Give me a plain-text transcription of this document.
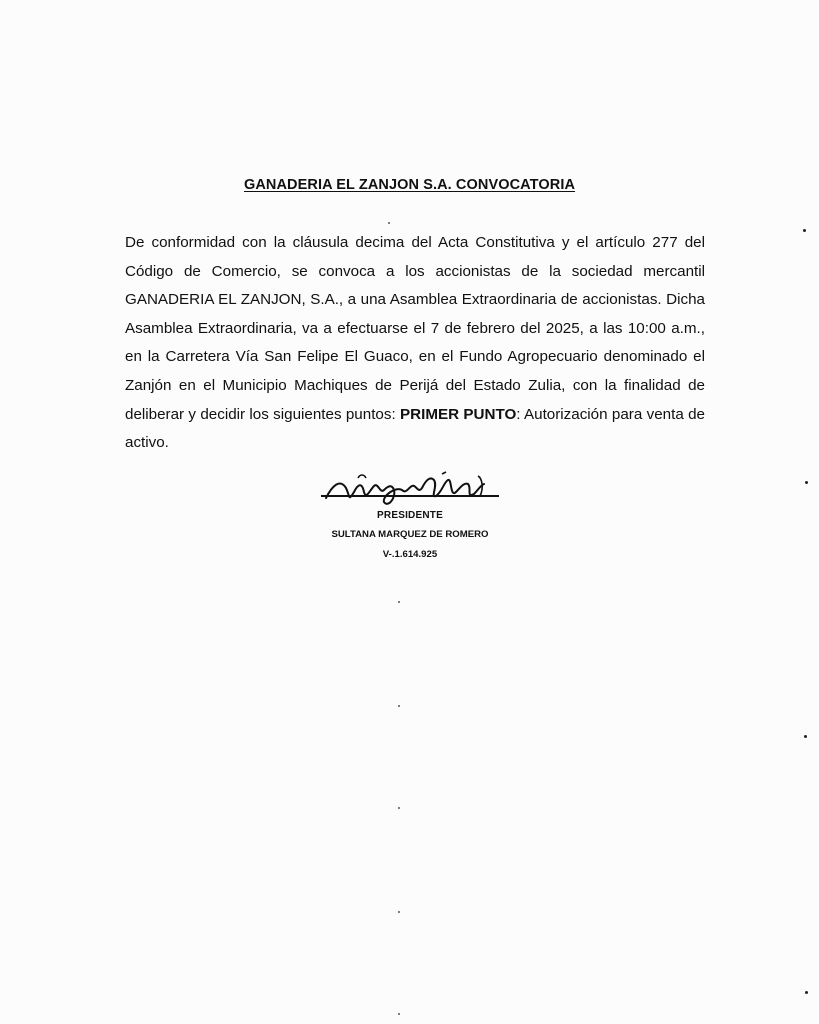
GANADERIA EL ZANJON S.A. CONVOCATORIA

De conformidad con la cláusula decima del Acta Constitutiva y el artículo 277 del Código de Comercio, se convoca a los accionistas de la sociedad mercantil GANADERIA EL ZANJON, S.A., a una Asamblea Extraordinaria de accionistas. Dicha Asamblea Extraordinaria, va a efectuarse el 7 de febrero del 2025, a las 10:00 a.m., en la Carretera Vía San Felipe El Guaco, en el Fundo Agropecuario denominado el Zanjón en el Municipio Machiques de Perijá del Estado Zulia, con la finalidad de deliberar y decidir los siguientes puntos: PRIMER PUNTO: Autorización para venta de activo.

PRESIDENTE
SULTANA MARQUEZ DE ROMERO
V-.1.614.925
